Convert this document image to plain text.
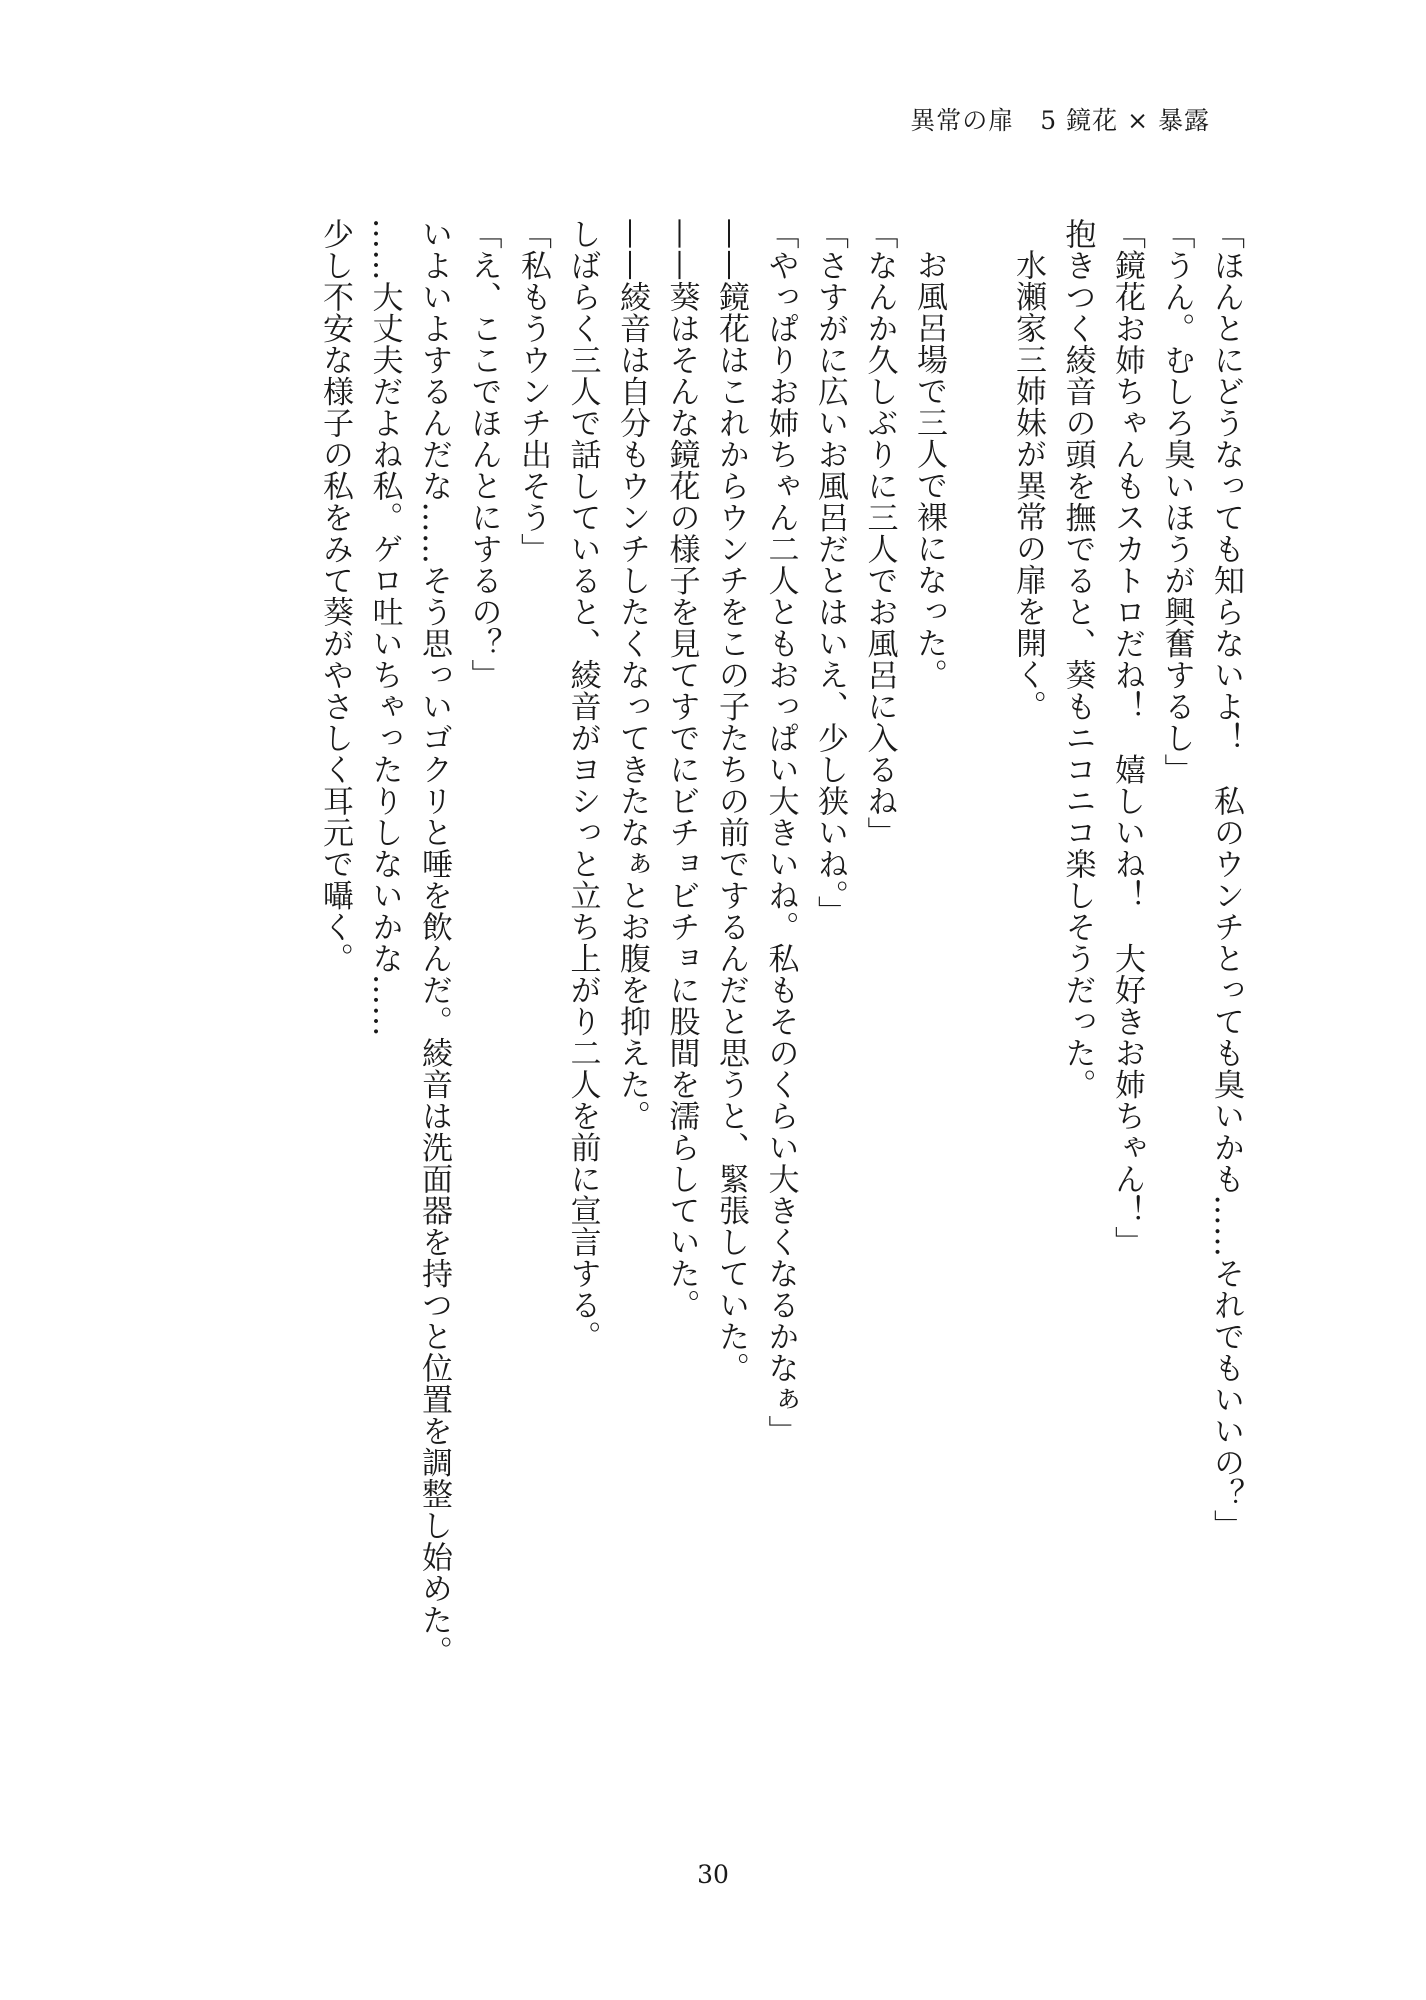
異常の扉　5 鏡花 × 暴露
「ほんとにどうなっても知らないよ！　私のウンチとっても臭いかも……それでもいいの？」
「うん。むしろ臭いほうが興奮するし」
「鏡花お姉ちゃんもスカトロだね！　嬉しいね！　大好きお姉ちゃん！」
抱きつく綾音の頭を撫でると、葵もニコニコ楽しそうだった。
水瀬家三姉妹が異常の扉を開く。
お風呂場で三人で裸になった。
「なんか久しぶりに三人でお風呂に入るね」
「さすがに広いお風呂だとはいえ、少し狭いね。」
「やっぱりお姉ちゃん二人ともおっぱい大きいね。私もそのくらい大きくなるかなぁ」
——鏡花はこれからウンチをこの子たちの前でするんだと思うと、緊張していた。
——葵はそんな鏡花の様子を見てすでにビチョビチョに股間を濡らしていた。
——綾音は自分もウンチしたくなってきたなぁとお腹を抑えた。
しばらく三人で話していると、綾音がヨシっと立ち上がり二人を前に宣言する。
「私もうウンチ出そう」
「え、ここでほんとにするの？」
いよいよするんだな……そう思っいゴクリと唾を飲んだ。綾音は洗面器を持つと位置を調整し始めた。
……大丈夫だよね私。ゲロ吐いちゃったりしないかな……
少し不安な様子の私をみて葵がやさしく耳元で囁く。
30
